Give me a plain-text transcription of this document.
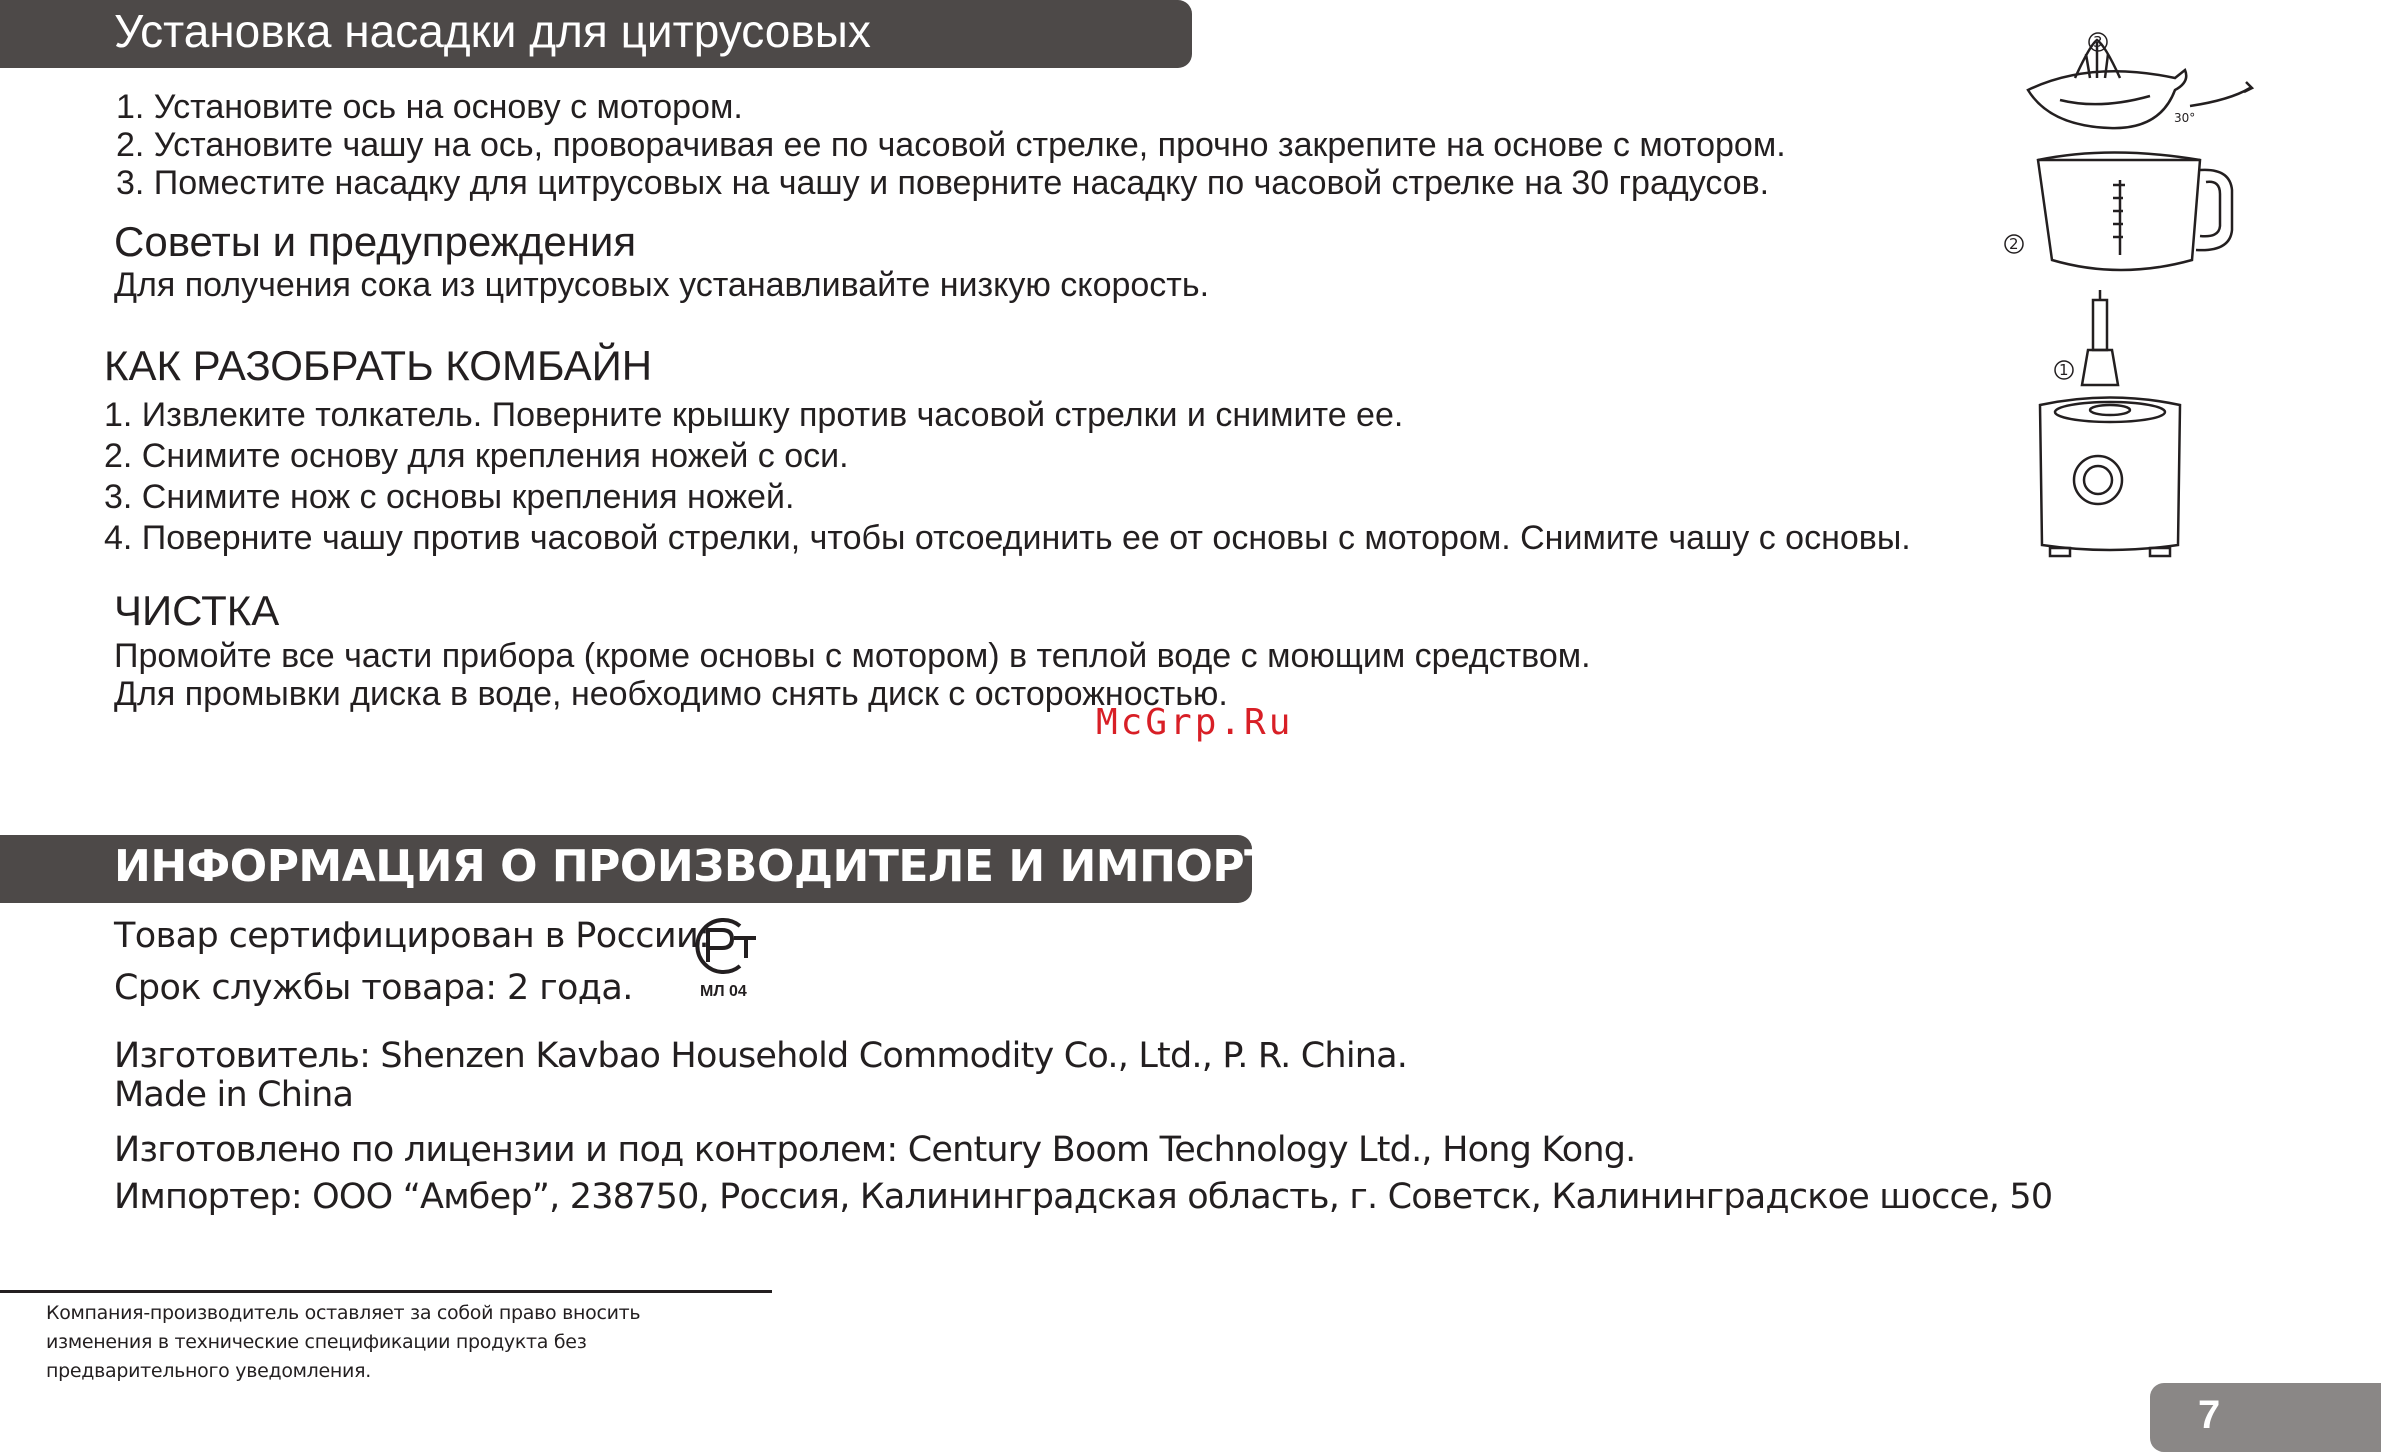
Установка насадки для цитрусовых
1. Установите ось на основу с мотором.
2. Установите чашу на ось, проворачивая ее по часовой стрелке, прочно закрепите на основе с мотором.
3. Поместите насадку для цитрусовых на чашу и поверните насадку по часовой стрелке на 30 градусов.
Советы и предупреждения
Для получения сока из цитрусовых устанавливайте низкую скорость.
КАК РАЗОБРАТЬ КОМБАЙН
1. Извлеките толкатель. Поверните крышку против часовой стрелки и снимите ее.
2. Снимите основу для крепления ножей с оси.
3. Снимите нож с основы крепления ножей.
4. Поверните чашу против часовой стрелки, чтобы отсоединить ее от основы с мотором. Снимите чашу с основы.
ЧИСТКА
Промойте все части прибора (кроме основы с мотором) в теплой воде с моющим средством.
Для промывки диска в воде, необходимо снять диск с осторожностью.
McGrp.Ru
3
2
1
30°
ИНФОРМАЦИЯ О ПРОИЗВОДИТЕЛЕ И ИМПОРТЕРЕ
Товар сертифицирован в России:
Срок службы товара: 2 года.	МЛ 04
Изготовитель: Shenzen Kavbao Household Commodity Co., Ltd., P. R. China.
Made in China
Изготовлено по лицензии и под контролем: Century Boom Technology Ltd., Hong Kong.
Импортер: ООО “Амбер”, 238750, Россия, Калининградская область, г. Советск, Калининградское шоссе, 50
Компания-производитель оставляет за собой право вносить
изменения в технические спецификации продукта без
предварительного уведомления.
7
